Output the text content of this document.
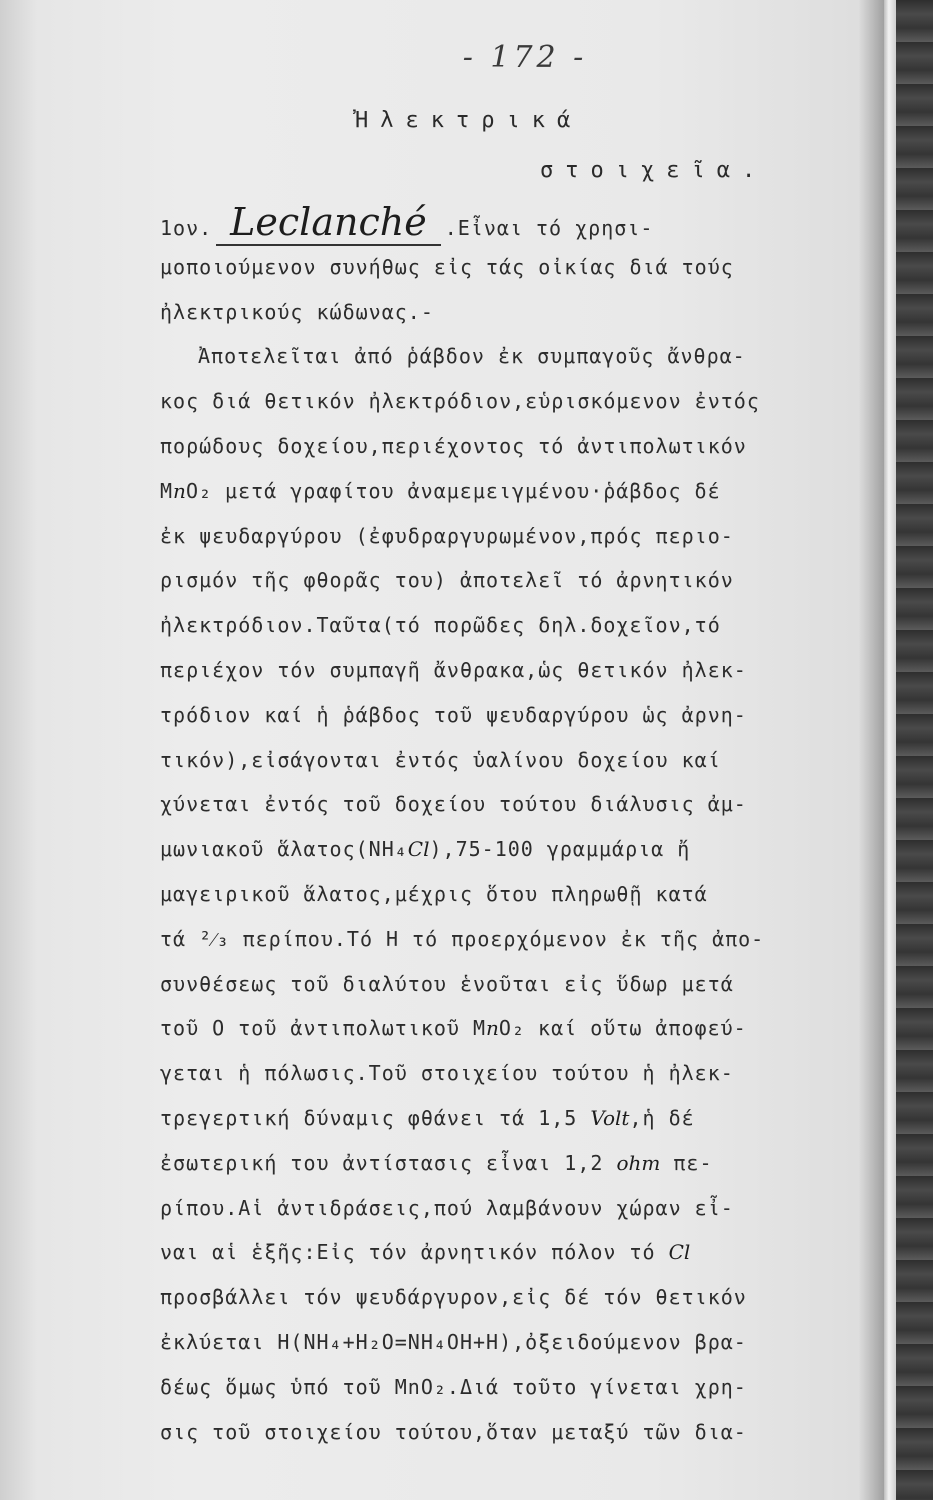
- 172 -
Ἠλεκτρικά
στοιχεῖα.
1ον. Leclanché .Εἶναι τό χρησι-
μοποιούμενον συνήθως εἰς τάς οἰκίας διά τούς
ἠλεκτρικούς κώδωνας.-
Ἀποτελεῖται ἀπό ῥάβδον ἐκ συμπαγοῦς ἄνθρα-
κος διά θετικόν ἠλεκτρόδιον,εὑρισκόμενον ἐντός
πορώδους δοχείου,περιέχοντος τό ἀντιπολωτικόν
MnO₂ μετά γραφίτου ἀναμεμειγμένου·ῥάβδος δέ
ἐκ ψευδαργύρου (ἐφυδραργυρωμένον,πρός περιο-
ρισμόν τῆς φθορᾶς του) ἀποτελεῖ τό ἀρνητικόν
ἠλεκτρόδιον.Ταῦτα(τό πορῶδες δηλ.δοχεῖον,τό
περιέχον τόν συμπαγῆ ἄνθρακα,ὡς θετικόν ἠλεκ-
τρόδιον καί ἡ ῥάβδος τοῦ ψευδαργύρου ὡς ἀρνη-
τικόν),εἰσάγονται ἐντός ὑαλίνου δοχείου καί
χύνεται ἐντός τοῦ δοχείου τούτου διάλυσις ἀμ-
μωνιακοῦ ἅλατος(NH₄Cl),75-100 γραμμάρια ἤ
μαγειρικοῦ ἅλατος,μέχρις ὅτου πληρωθῇ κατά
τά ²⁄₃ περίπου.Τό Η τό προερχόμενον ἐκ τῆς ἀπο-
συνθέσεως τοῦ διαλύτου ἑνοῦται εἰς ὕδωρ μετά
τοῦ Ο τοῦ ἀντιπολωτικοῦ MnO₂ καί οὕτω ἀποφεύ-
γεται ἡ πόλωσις.Τοῦ στοιχείου τούτου ἡ ἠλεκ-
τρεγερτική δύναμις φθάνει τά 1,5 Volt,ἡ δέ
ἐσωτερική του ἀντίστασις εἶναι 1,2 ohm πε-
ρίπου.Αἱ ἀντιδράσεις,πού λαμβάνουν χώραν εἶ-
ναι αἱ ἑξῆς:Εἰς τόν ἀρνητικόν πόλον τό Cl
προσβάλλει τόν ψευδάργυρον,εἰς δέ τόν θετικόν
ἐκλύεται Η(NH₄+H₂O=NH₄OH+H),ὀξειδούμενον βρα-
δέως ὅμως ὑπό τοῦ MnO₂.Διά τοῦτο γίνεται χρη-
σις τοῦ στοιχείου τούτου,ὅταν μεταξύ τῶν δια-
